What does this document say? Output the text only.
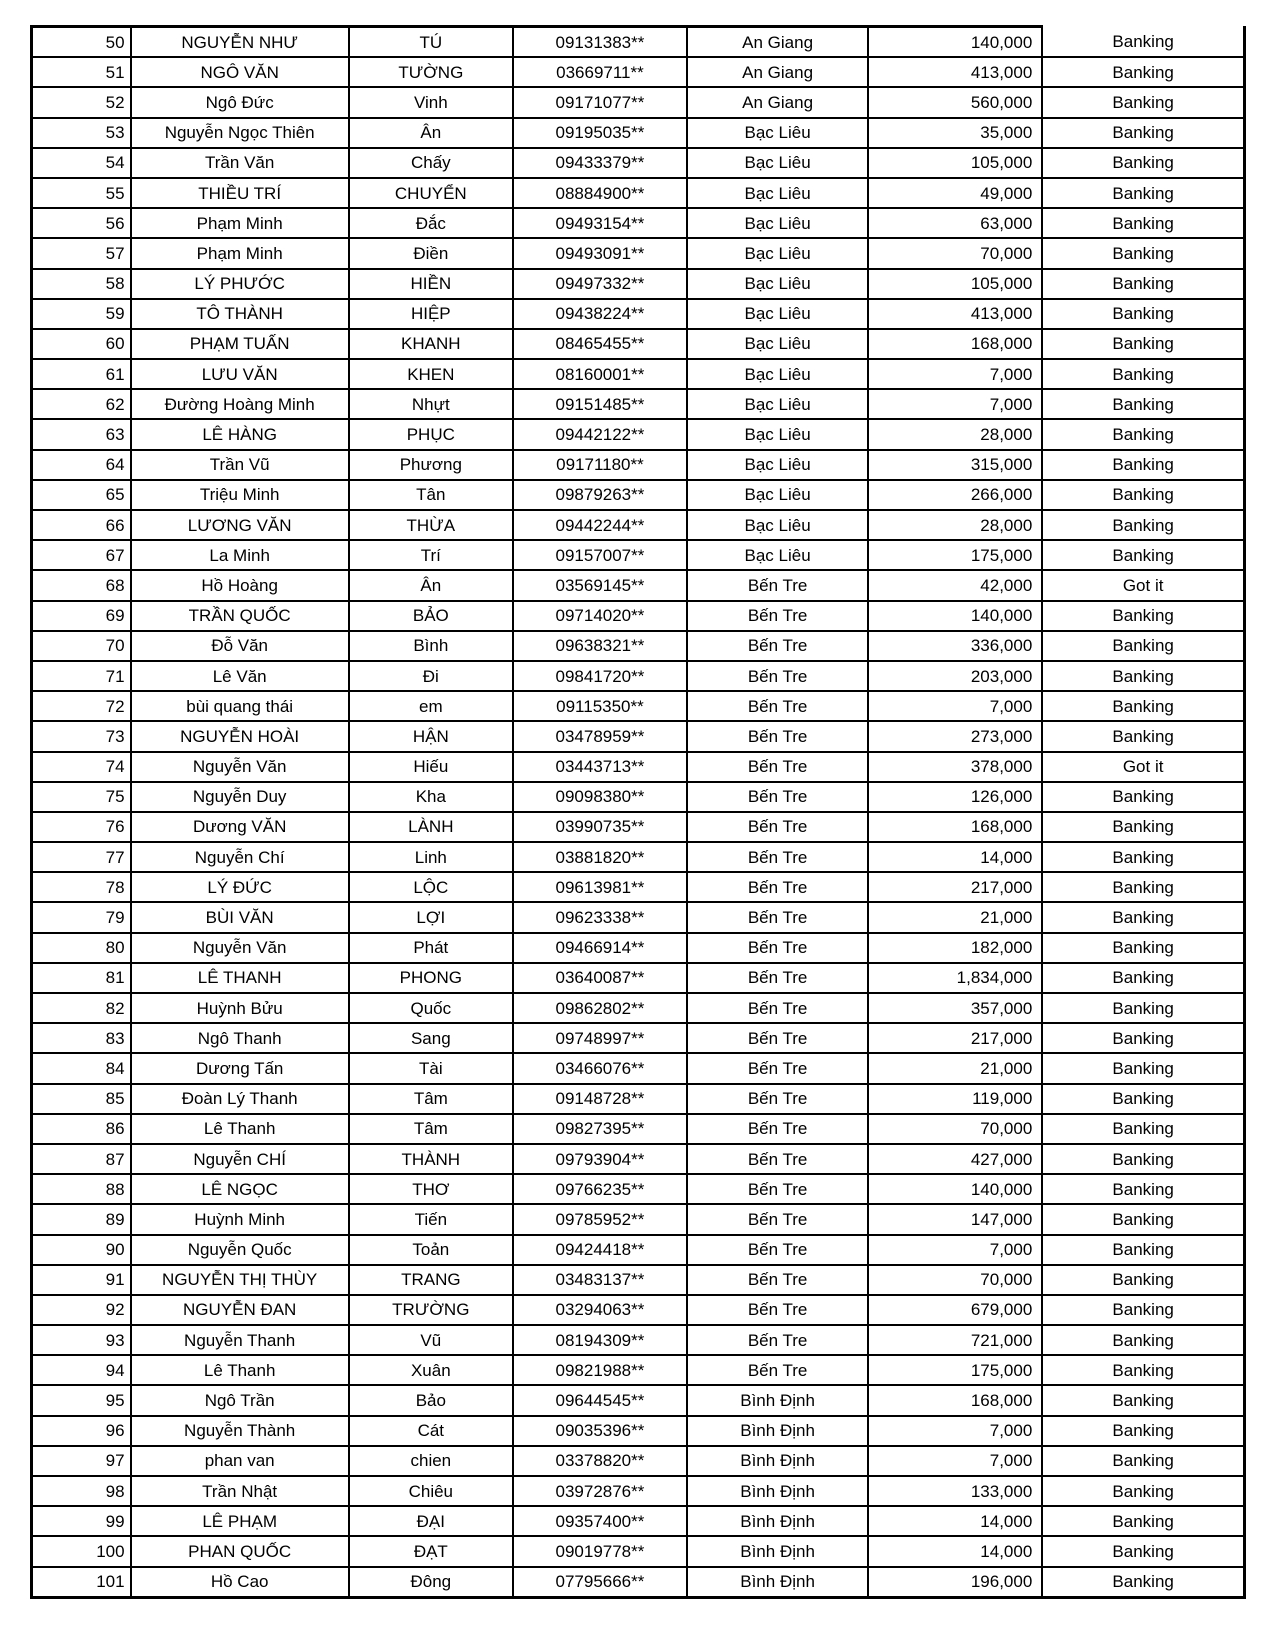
50	NGUYỄN NHƯ	TÚ	09131383**	An Giang	140,000	Banking
51	NGÔ VĂN	TƯỜNG	03669711**	An Giang	413,000	Banking
52	Ngô Đức	Vinh	09171077**	An Giang	560,000	Banking
53	Nguyễn Ngọc Thiên	Ân	09195035**	Bạc Liêu	35,000	Banking
54	Trần Văn	Chấy	09433379**	Bạc Liêu	105,000	Banking
55	THIỀU TRÍ	CHUYỂN	08884900**	Bạc Liêu	49,000	Banking
56	Phạm Minh	Đắc	09493154**	Bạc Liêu	63,000	Banking
57	Phạm Minh	Điền	09493091**	Bạc Liêu	70,000	Banking
58	LÝ PHƯỚC	HIỀN	09497332**	Bạc Liêu	105,000	Banking
59	TÔ THÀNH	HIỆP	09438224**	Bạc Liêu	413,000	Banking
60	PHẠM TUẤN	KHANH	08465455**	Bạc Liêu	168,000	Banking
61	LƯU VĂN	KHEN	08160001**	Bạc Liêu	7,000	Banking
62	Đường Hoàng Minh	Nhựt	09151485**	Bạc Liêu	7,000	Banking
63	LÊ HÀNG	PHỤC	09442122**	Bạc Liêu	28,000	Banking
64	Trần Vũ	Phương	09171180**	Bạc Liêu	315,000	Banking
65	Triệu Minh	Tân	09879263**	Bạc Liêu	266,000	Banking
66	LƯƠNG VĂN	THỪA	09442244**	Bạc Liêu	28,000	Banking
67	La Minh	Trí	09157007**	Bạc Liêu	175,000	Banking
68	Hồ Hoàng	Ân	03569145**	Bến Tre	42,000	Got it
69	TRẦN QUỐC	BẢO	09714020**	Bến Tre	140,000	Banking
70	Đỗ Văn	Bình	09638321**	Bến Tre	336,000	Banking
71	Lê Văn	Đi	09841720**	Bến Tre	203,000	Banking
72	bùi quang thái	em	09115350**	Bến Tre	7,000	Banking
73	NGUYỄN HOÀI	HẬN	03478959**	Bến Tre	273,000	Banking
74	Nguyễn Văn	Hiếu	03443713**	Bến Tre	378,000	Got it
75	Nguyễn Duy	Kha	09098380**	Bến Tre	126,000	Banking
76	Dương VĂN	LÀNH	03990735**	Bến Tre	168,000	Banking
77	Nguyễn Chí	Linh	03881820**	Bến Tre	14,000	Banking
78	LÝ ĐỨC	LỘC	09613981**	Bến Tre	217,000	Banking
79	BÙI VĂN	LỢI	09623338**	Bến Tre	21,000	Banking
80	Nguyễn Văn	Phát	09466914**	Bến Tre	182,000	Banking
81	LÊ THANH	PHONG	03640087**	Bến Tre	1,834,000	Banking
82	Huỳnh Bửu	Quốc	09862802**	Bến Tre	357,000	Banking
83	Ngô Thanh	Sang	09748997**	Bến Tre	217,000	Banking
84	Dương Tấn	Tài	03466076**	Bến Tre	21,000	Banking
85	Đoàn Lý Thanh	Tâm	09148728**	Bến Tre	119,000	Banking
86	Lê Thanh	Tâm	09827395**	Bến Tre	70,000	Banking
87	Nguyễn CHÍ	THÀNH	09793904**	Bến Tre	427,000	Banking
88	LÊ NGỌC	THƠ	09766235**	Bến Tre	140,000	Banking
89	Huỳnh Minh	Tiến	09785952**	Bến Tre	147,000	Banking
90	Nguyễn Quốc	Toản	09424418**	Bến Tre	7,000	Banking
91	NGUYỄN THỊ THÙY	TRANG	03483137**	Bến Tre	70,000	Banking
92	NGUYỄN ĐAN	TRƯỜNG	03294063**	Bến Tre	679,000	Banking
93	Nguyễn Thanh	Vũ	08194309**	Bến Tre	721,000	Banking
94	Lê Thanh	Xuân	09821988**	Bến Tre	175,000	Banking
95	Ngô Trần	Bảo	09644545**	Bình Định	168,000	Banking
96	Nguyễn Thành	Cát	09035396**	Bình Định	7,000	Banking
97	phan van	chien	03378820**	Bình Định	7,000	Banking
98	Trần Nhật	Chiêu	03972876**	Bình Định	133,000	Banking
99	LÊ PHẠM	ĐẠI	09357400**	Bình Định	14,000	Banking
100	PHAN QUỐC	ĐẠT	09019778**	Bình Định	14,000	Banking
101	Hồ Cao	Đông	07795666**	Bình Định	196,000	Banking
